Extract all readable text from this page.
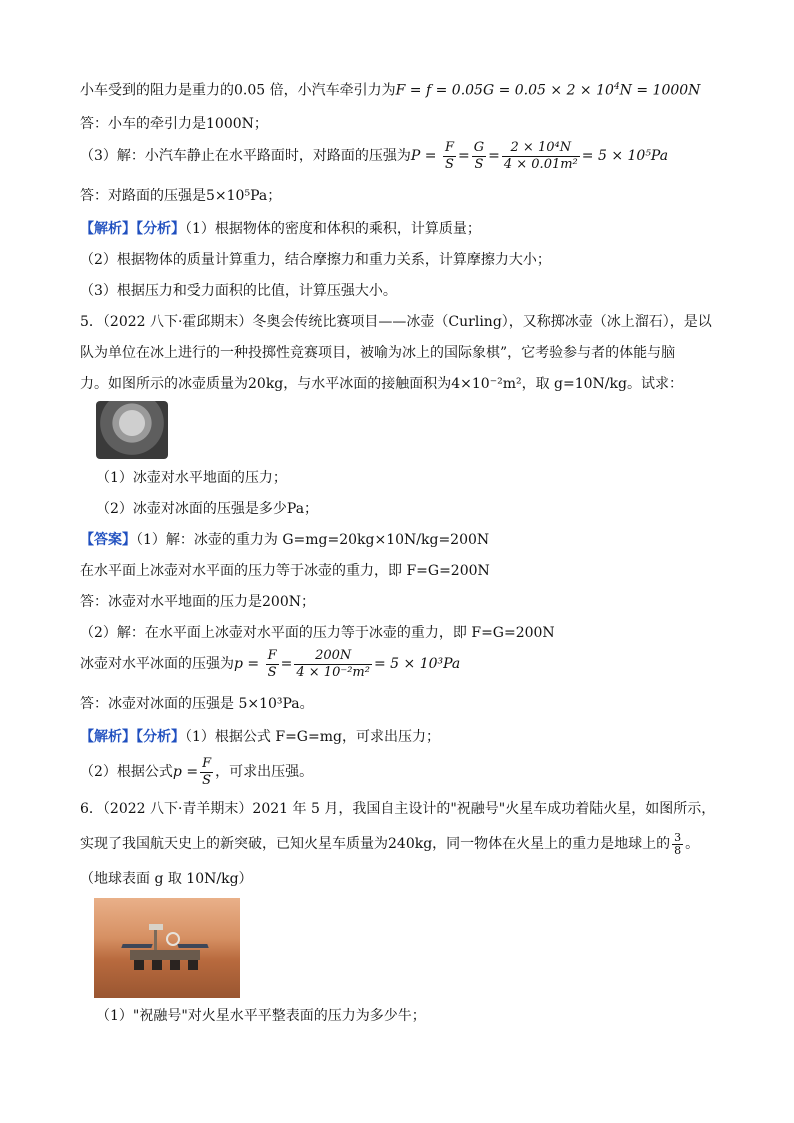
小车受到的阻力是重力的0.05 倍，小汽车牵引力为$F = f = 0.05G = 0.05 \times 2 \times 10^4N = 1000N$
答：小车的牵引力是1000N；
（3）解：小汽车静止在水平路面时，对路面的压强为$P = \frac{F}{S} = \frac{G}{S} = \frac{\text{2 × 10⁴N}}{\text{4 × 0.01m²}} = 5 \times 10^5Pa$
答：对路面的压强是5×10⁵Pa；
【解析】【分析】（1）根据物体的密度和体积的乘积，计算质量；
（2）根据物体的质量计算重力，结合摩擦力和重力关系，计算摩擦力大小；
（3）根据压力和受力面积的比值，计算压强大小。
5．（2022 八下·霍邱期末）冬奥会传统比赛项目——冰壶（Curling），又称掷冰壶（冰上溜石），是以
队为单位在冰上进行的一种投掷性竞赛项目，被喻为冰上的国际象棋”，它考验参与者的体能与脑
力。如图所示的冰壶质量为20kg，与水平冰面的接触面积为4×10⁻²m²，取 g=10N/kg。试求：
（1）冰壶对水平地面的压力；
（2）冰壶对冰面的压强是多少Pa；
【答案】（1）解：冰壶的重力为 G=mg=20kg×10N/kg=200N
在水平面上冰壶对水平面的压力等于冰壶的重力，即 F=G=200N
答：冰壶对水平地面的压力是200N；
（2）解：在水平面上冰壶对水平面的压力等于冰壶的重力，即 F=G=200N
冰壶对水平冰面的压强为$p = \frac{F}{S} = \frac{200N}{\text{4 × 10⁻²m²}} = 5 \times 10^3Pa$
答：冰壶对冰面的压强是 5×10³Pa。
【解析】【分析】（1）根据公式 F=G=mg，可求出压力；
（2）根据公式$p = \frac{F}{S}$ ，可求出压强。
6．（2022 八下·青羊期末）2021 年 5 月，我国自主设计的"祝融号"火星车成功着陆火星，如图所示，
实现了我国航天史上的新突破，已知火星车质量为240kg，同一物体在火星上的重力是地球上的 $\frac{3}{8}$ 。
（地球表面 g 取 10N/kg）
（1）"祝融号"对火星水平平整表面的压力为多少牛；
